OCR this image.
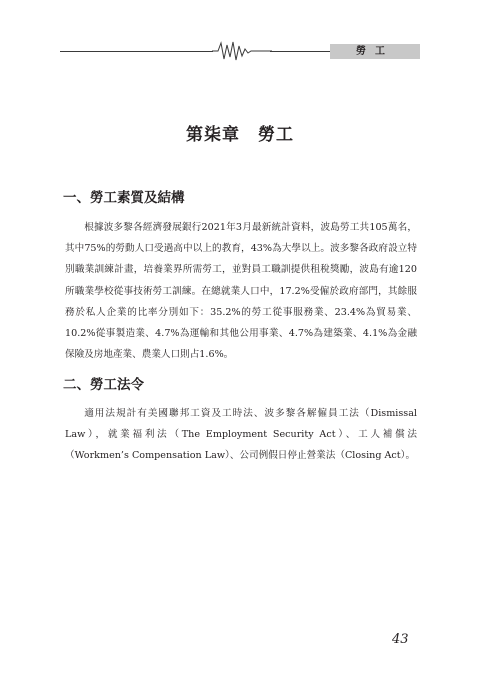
勞工
第柒章　勞工
一、勞工素質及結構

根據波多黎各經濟發展銀行2021年3月最新統計資料，波島勞工共105萬名，其中75%的勞動人口受過高中以上的教育，43%為大學以上。波多黎各政府設立特別職業訓練計畫，培養業界所需勞工，並對員工職訓提供租稅獎勵，波島有逾120所職業學校從事技術勞工訓練。在總就業人口中，17.2%受僱於政府部門，其餘服務於私人企業的比率分別如下：35.2%的勞工從事服務業、23.4%為貿易業、10.2%從事製造業、4.7%為運輸和其他公用事業、4.7%為建築業、4.1%為金融保險及房地產業、農業人口則占1.6%。

二、勞工法令

適用法規計有美國聯邦工資及工時法、波多黎各解僱員工法（Dismissal Law），就業福利法（The Employment Security Act）、工人補償法（Workmen’s Compensation Law）、公司例假日停止營業法（Closing Act）。

43
